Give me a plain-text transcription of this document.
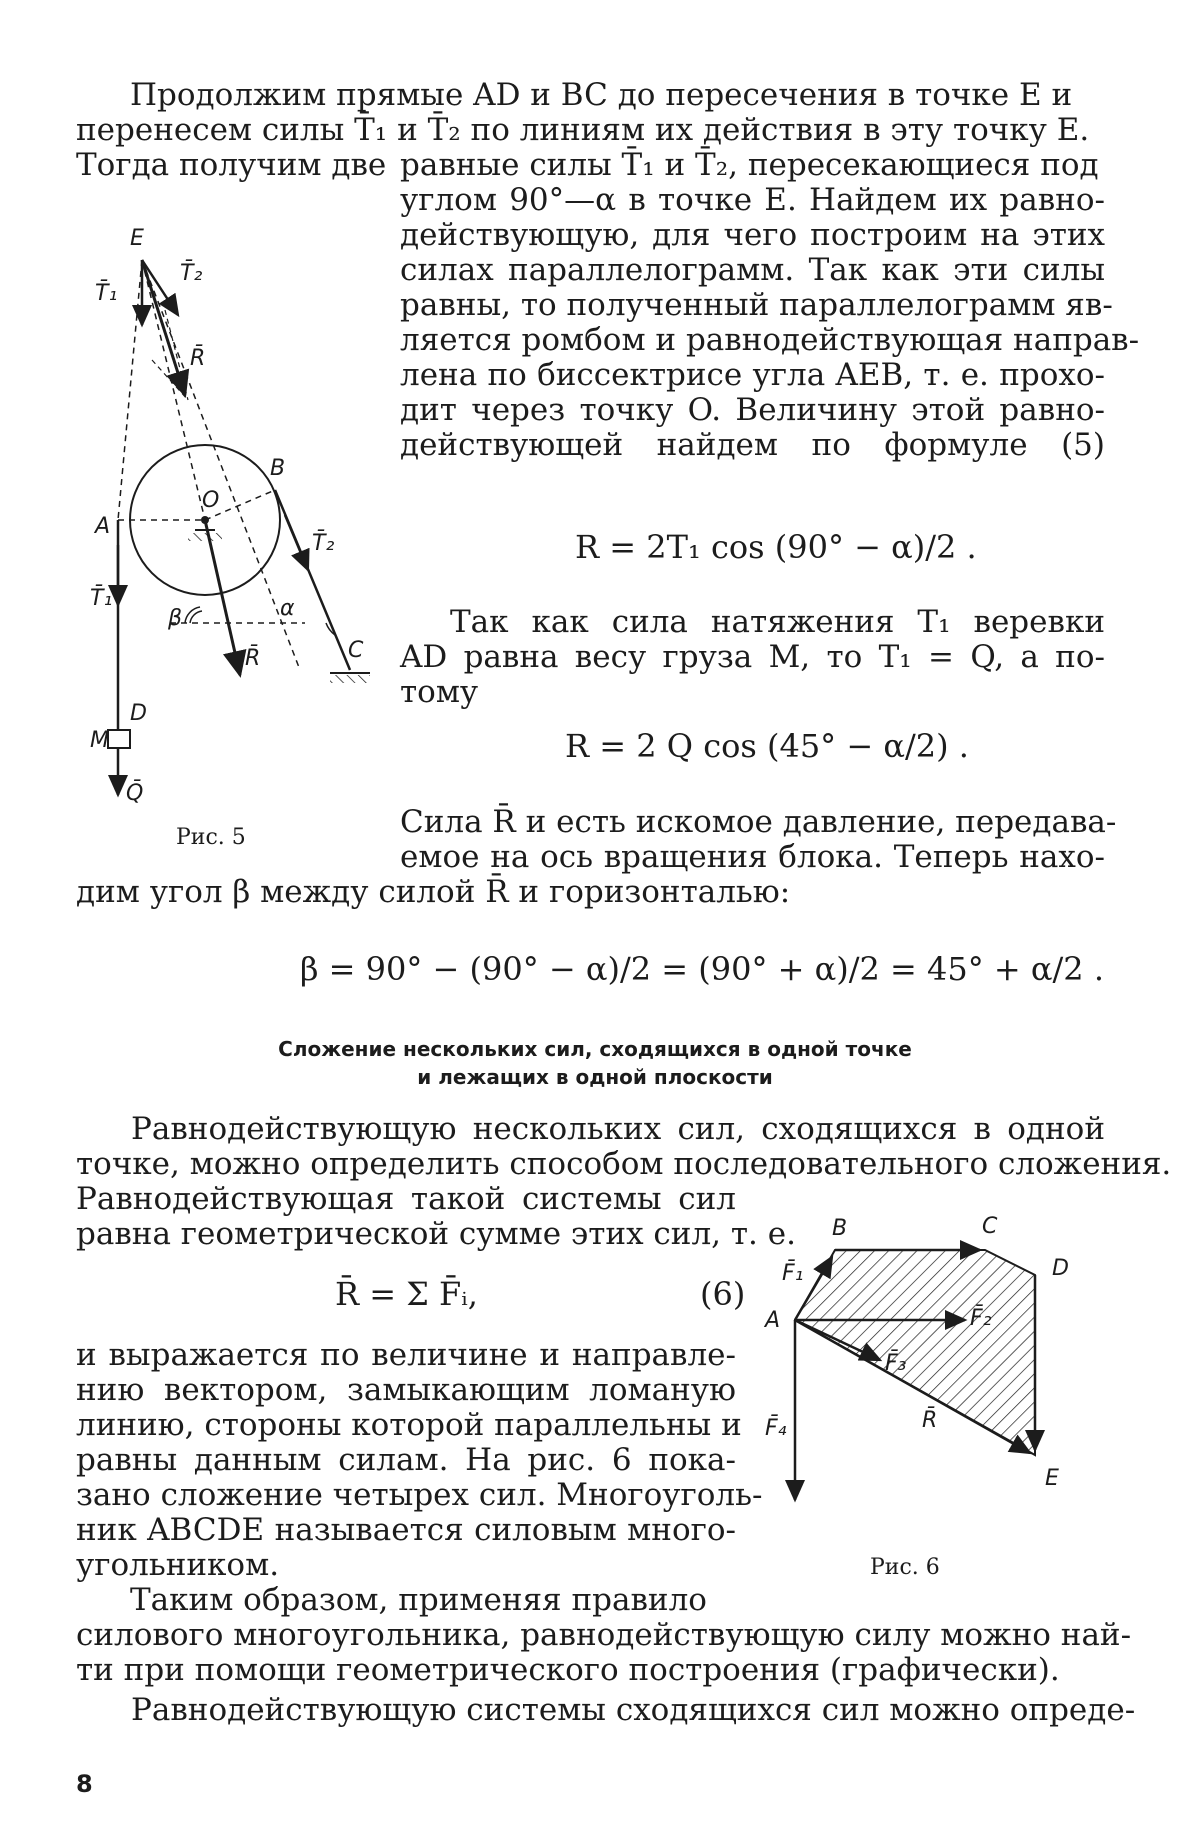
Продолжим прямые AD и BC до пересечения в точке E и
перенесем силы T̄₁ и T̄₂ по линиям их действия в эту точку E.
Тогда получим две равные силы T̄₁ и T̄₂, пересекающиеся под
углом 90°—α в точке E. Найдем их равно-
действующую, для чего построим на этих
силах параллелограмм. Так как эти силы
равны, то полученный параллелограмм яв-
ляется ромбом и равнодействующая направ-
лена по биссектрисе угла AEB, т. е. прохо-
дит через точку O. Величину этой равно-
действующей найдем по формуле (5)
R = 2T₁ cos (90° − α)/2 .
Так как сила натяжения T₁ веревки
AD равна весу груза M, то T₁ = Q, а по-
тому
R = 2 Q cos (45° − α/2) .
Сила R̄ и есть искомое давление, передава-
емое на ось вращения блока. Теперь нахо-
дим угол β между силой R̄ и горизонталью:
β = 90° − (90° − α)/2 = (90° + α)/2 = 45° + α/2 .
E
T̄₁
T̄₂
R̄
O
B
A
T̄₂
T̄₁
β	α
R̄	C
D
M
Q̄
Рис. 5
Сложение нескольких сил, сходящихся в одной точке
и лежащих в одной плоскости
Равнодействующую нескольких сил, сходящихся в одной
точке, можно определить способом последовательного сложения.
Равнодействующая такой системы сил
равна геометрической сумме этих сил, т. е.
R̄ = Σ F̄ᵢ,	(6)
и выражается по величине и направле-
нию вектором, замыкающим ломаную
линию, стороны которой параллельны и
равны данным силам. На рис. 6 пока-
зано сложение четырех сил. Многоуголь-
ник ABCDE называется силовым много-
угольником.
Таким образом, применяя правило
силового многоугольника, равнодействующую силу можно най-
ти при помощи геометрического построения (графически).
Равнодействующую системы сходящихся сил можно опреде-
A
B	C
D
E
F̄₁
F̄₂
F̄₃
F̄₄	R̄
Рис. 6
8
